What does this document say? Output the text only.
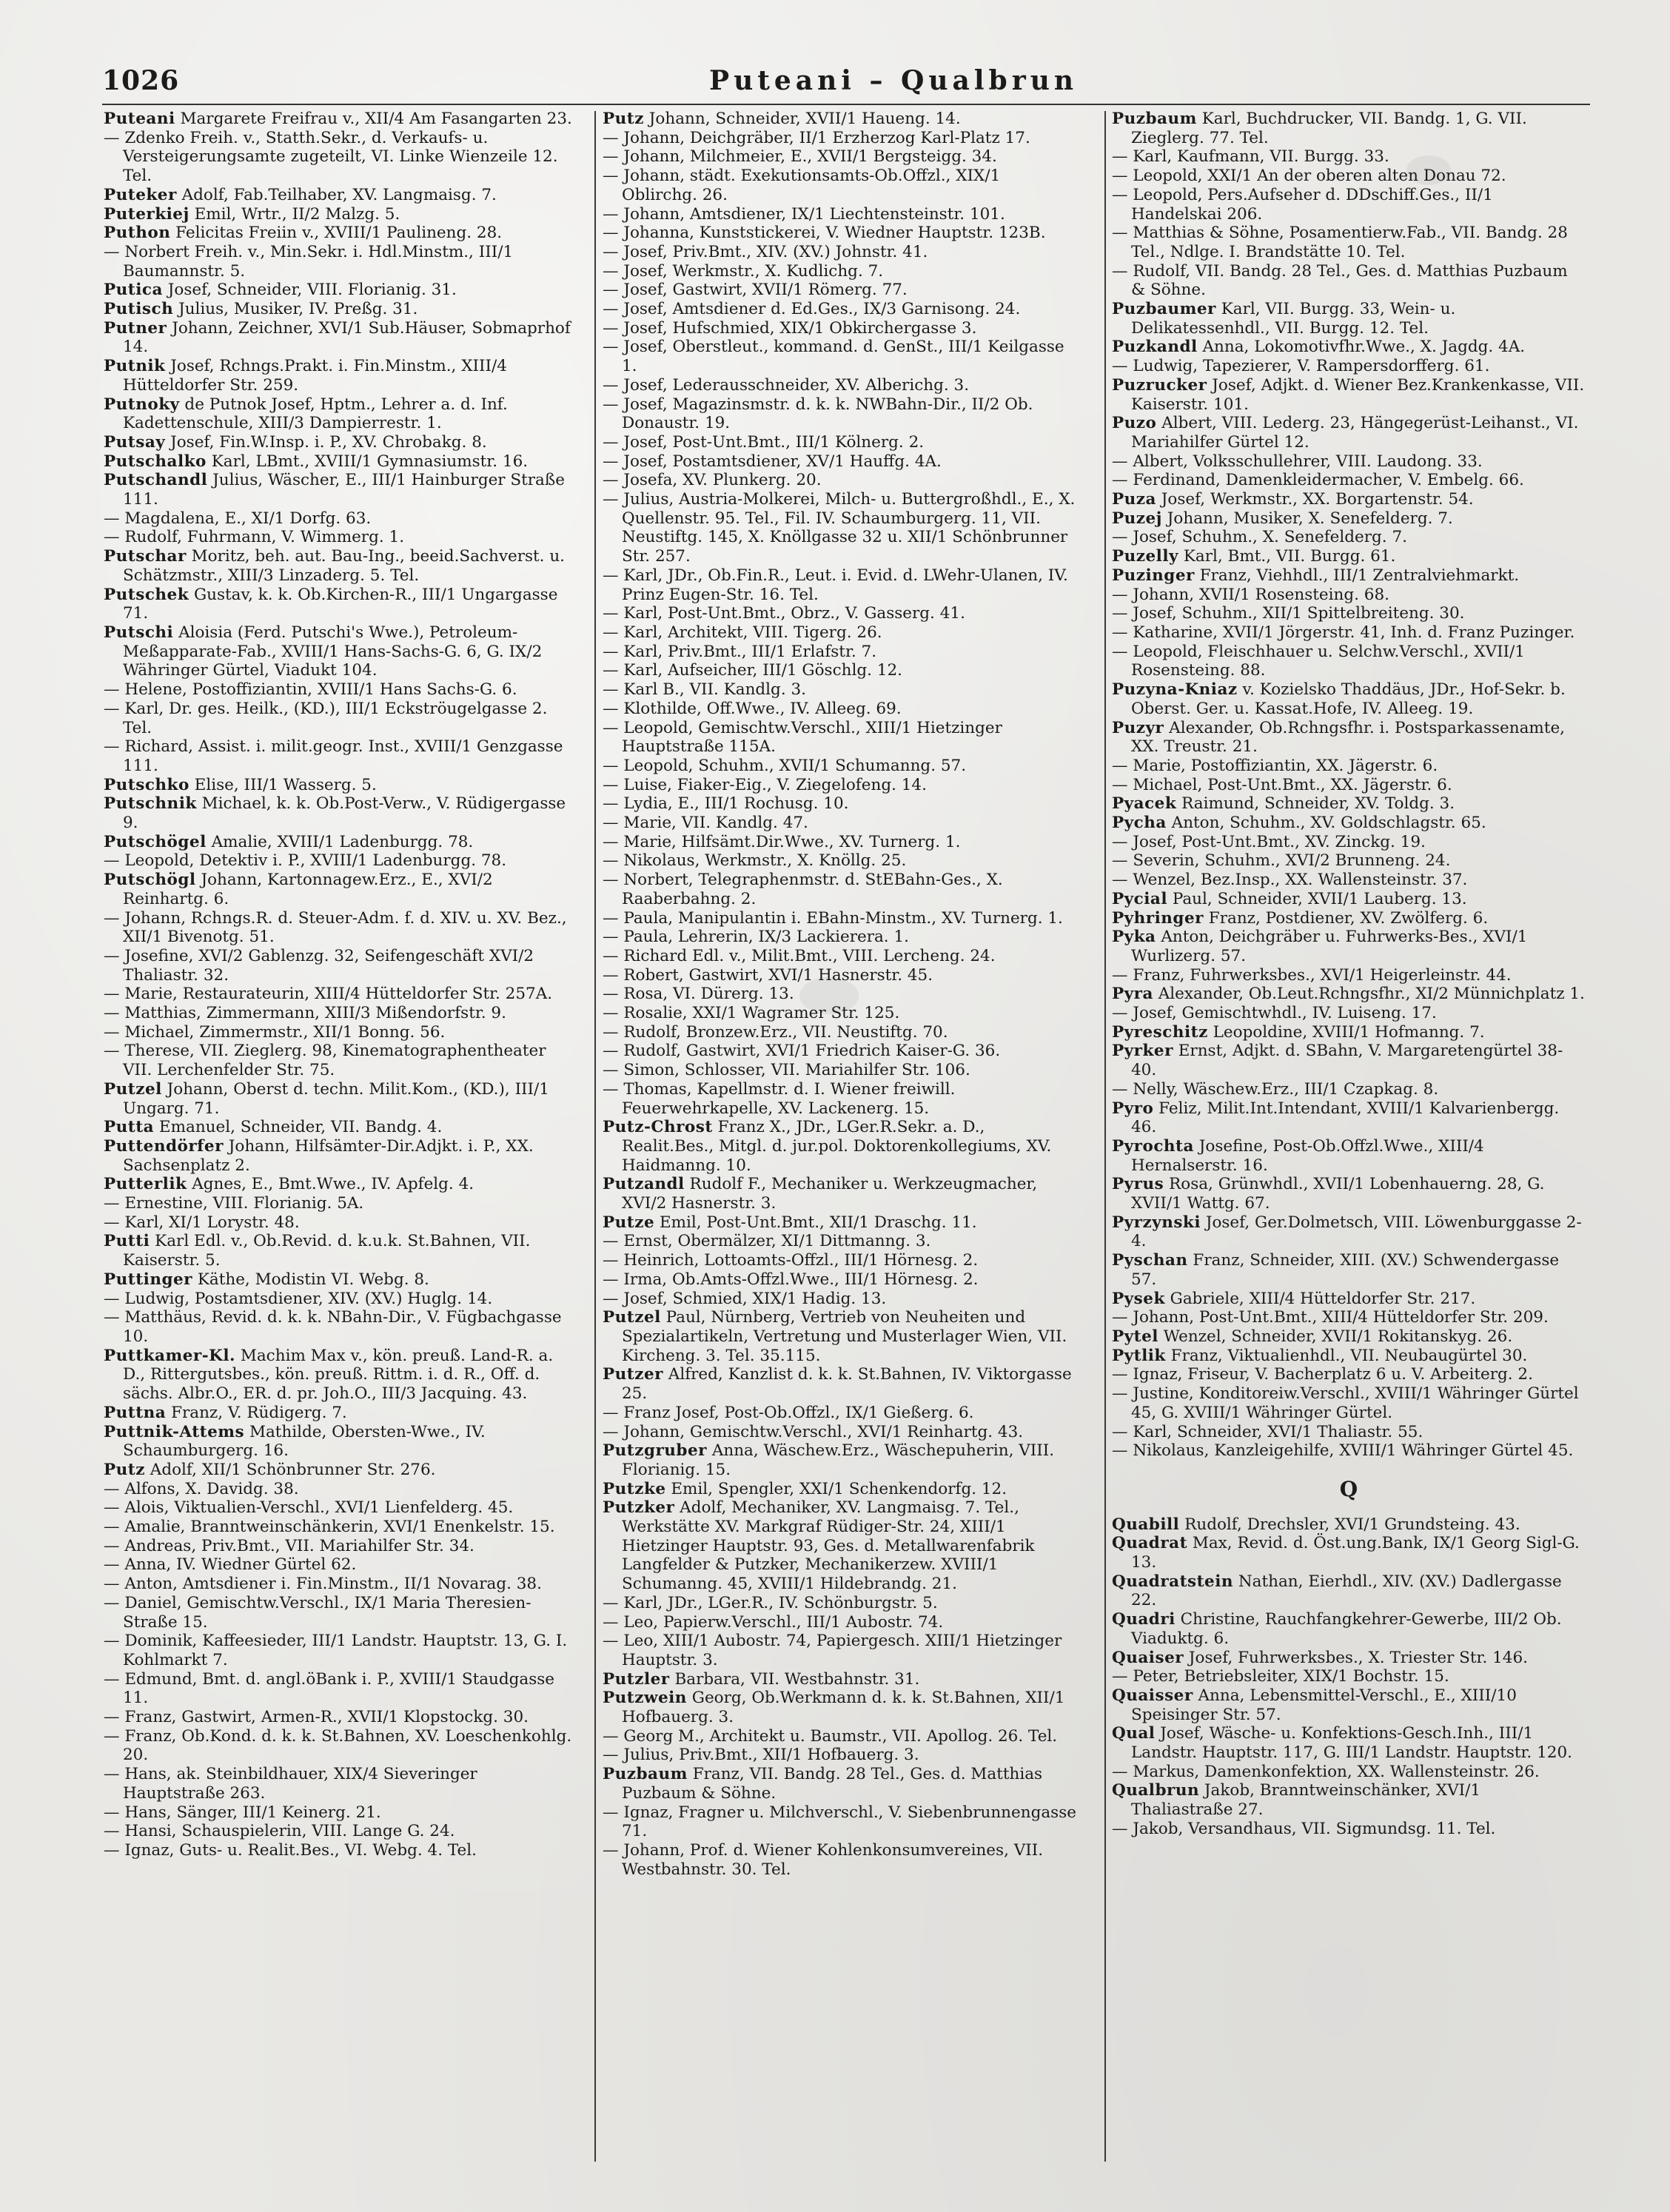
1026	Puteani – Qualbrun

Puteani Margarete Freifrau v., XII/4 Am Fasangarten 23.

— Zdenko Freih. v., Statth.Sekr., d. Verkaufs- u. Versteigerungsamte zugeteilt, VI. Linke Wienzeile 12. Tel.

Puteker Adolf, Fab.Teilhaber, XV. Langmaisg. 7.

Puterkiej Emil, Wrtr., II/2 Malzg. 5.

Puthon Felicitas Freiin v., XVIII/1 Paulineng. 28.

— Norbert Freih. v., Min.Sekr. i. Hdl.Minstm., III/1 Baumannstr. 5.

Putica Josef, Schneider, VIII. Florianig. 31.

Putisch Julius, Musiker, IV. Preßg. 31.

Putner Johann, Zeichner, XVI/1 Sub.Häuser, Sobmaprhof 14.

Putnik Josef, Rchngs.Prakt. i. Fin.Minstm., XIII/4 Hütteldorfer Str. 259.

Putnoky de Putnok Josef, Hptm., Lehrer a. d. Inf. Kadettenschule, XIII/3 Dampierrestr. 1.

Putsay Josef, Fin.W.Insp. i. P., XV. Chrobakg. 8.

Putschalko Karl, LBmt., XVIII/1 Gymnasiumstr. 16.

Putschandl Julius, Wäscher, E., III/1 Hainburger Straße 111.

— Magdalena, E., XI/1 Dorfg. 63.

— Rudolf, Fuhrmann, V. Wimmerg. 1.

Putschar Moritz, beh. aut. Bau-Ing., beeid.Sachverst. u. Schätzmstr., XIII/3 Linzaderg. 5. Tel.

Putschek Gustav, k. k. Ob.Kirchen-R., III/1 Ungargasse 71.

Putschi Aloisia (Ferd. Putschi's Wwe.), Petroleum-Meßapparate-Fab., XVIII/1 Hans-Sachs-G. 6, G. IX/2 Währinger Gürtel, Viadukt 104.

— Helene, Postoffiziantin, XVIII/1 Hans Sachs-G. 6.

— Karl, Dr. ges. Heilk., (KD.), III/1 Eckströugelgasse 2. Tel.

— Richard, Assist. i. milit.geogr. Inst., XVIII/1 Genzgasse 111.

Putschko Elise, III/1 Wasserg. 5.

Putschnik Michael, k. k. Ob.Post-Verw., V. Rüdigergasse 9.

Putschögel Amalie, XVIII/1 Ladenburgg. 78.

— Leopold, Detektiv i. P., XVIII/1 Ladenburgg. 78.

Putschögl Johann, Kartonnagew.Erz., E., XVI/2 Reinhartg. 6.

— Johann, Rchngs.R. d. Steuer-Adm. f. d. XIV. u. XV. Bez., XII/1 Bivenotg. 51.

— Josefine, XVI/2 Gablenzg. 32, Seifengeschäft XVI/2 Thaliastr. 32.

— Marie, Restaurateurin, XIII/4 Hütteldorfer Str. 257A.

— Matthias, Zimmermann, XIII/3 Mißendorfstr. 9.

— Michael, Zimmermstr., XII/1 Bonng. 56.

— Therese, VII. Zieglerg. 98, Kinematographentheater VII. Lerchenfelder Str. 75.

Putzel Johann, Oberst d. techn. Milit.Kom., (KD.), III/1 Ungarg. 71.

Putta Emanuel, Schneider, VII. Bandg. 4.

Puttendörfer Johann, Hilfsämter-Dir.Adjkt. i. P., XX. Sachsenplatz 2.

Putterlik Agnes, E., Bmt.Wwe., IV. Apfelg. 4.

— Ernestine, VIII. Florianig. 5A.

— Karl, XI/1 Lorystr. 48.

Putti Karl Edl. v., Ob.Revid. d. k.u.k. St.Bahnen, VII. Kaiserstr. 5.

Puttinger Käthe, Modistin VI. Webg. 8.

— Ludwig, Postamtsdiener, XIV. (XV.) Huglg. 14.

— Matthäus, Revid. d. k. k. NBahn-Dir., V. Fügbachgasse 10.

Puttkamer-Kl. Machim Max v., kön. preuß. Land-R. a. D., Rittergutsbes., kön. preuß. Rittm. i. d. R., Off. d. sächs. Albr.O., ER. d. pr. Joh.O., III/3 Jacquing. 43.

Puttna Franz, V. Rüdigerg. 7.

Puttnik-Attems Mathilde, Obersten-Wwe., IV. Schaumburgerg. 16.

Putz Adolf, XII/1 Schönbrunner Str. 276.

— Alfons, X. Davidg. 38.

— Alois, Viktualien-Verschl., XVI/1 Lienfelderg. 45.

— Amalie, Branntweinschänkerin, XVI/1 Enenkelstr. 15.

— Andreas, Priv.Bmt., VII. Mariahilfer Str. 34.

— Anna, IV. Wiedner Gürtel 62.

— Anton, Amtsdiener i. Fin.Minstm., II/1 Novarag. 38.

— Daniel, Gemischtw.Verschl., IX/1 Maria Theresien-Straße 15.

— Dominik, Kaffeesieder, III/1 Landstr. Hauptstr. 13, G. I. Kohlmarkt 7.

— Edmund, Bmt. d. angl.öBank i. P., XVIII/1 Staudgasse 11.

— Franz, Gastwirt, Armen-R., XVII/1 Klopstockg. 30.

— Franz, Ob.Kond. d. k. k. St.Bahnen, XV. Loeschenkohlg. 20.

— Hans, ak. Steinbildhauer, XIX/4 Sieveringer Hauptstraße 263.

— Hans, Sänger, III/1 Keinerg. 21.

— Hansi, Schauspielerin, VIII. Lange G. 24.

— Ignaz, Guts- u. Realit.Bes., VI. Webg. 4. Tel.

Putz Johann, Schneider, XVII/1 Haueng. 14.

— Johann, Deichgräber, II/1 Erzherzog Karl-Platz 17.

— Johann, Milchmeier, E., XVII/1 Bergsteigg. 34.

— Johann, städt. Exekutionsamts-Ob.Offzl., XIX/1 Oblirchg. 26.

— Johann, Amtsdiener, IX/1 Liechtensteinstr. 101.

— Johanna, Kunststickerei, V. Wiedner Hauptstr. 123B.

— Josef, Priv.Bmt., XIV. (XV.) Johnstr. 41.

— Josef, Werkmstr., X. Kudlichg. 7.

— Josef, Gastwirt, XVII/1 Römerg. 77.

— Josef, Amtsdiener d. Ed.Ges., IX/3 Garnisong. 24.

— Josef, Hufschmied, XIX/1 Obkirchergasse 3.

— Josef, Oberstleut., kommand. d. GenSt., III/1 Keilgasse 1.

— Josef, Lederausschneider, XV. Alberichg. 3.

— Josef, Magazinsmstr. d. k. k. NWBahn-Dir., II/2 Ob. Donaustr. 19.

— Josef, Post-Unt.Bmt., III/1 Kölnerg. 2.

— Josef, Postamtsdiener, XV/1 Hauffg. 4A.

— Josefa, XV. Plunkerg. 20.

— Julius, Austria-Molkerei, Milch- u. Buttergroßhdl., E., X. Quellenstr. 95. Tel., Fil. IV. Schaumburgerg. 11, VII. Neustiftg. 145, X. Knöllgasse 32 u. XII/1 Schönbrunner Str. 257.

— Karl, JDr., Ob.Fin.R., Leut. i. Evid. d. LWehr-Ulanen, IV. Prinz Eugen-Str. 16. Tel.

— Karl, Post-Unt.Bmt., Obrz., V. Gasserg. 41.

— Karl, Architekt, VIII. Tigerg. 26.

— Karl, Priv.Bmt., III/1 Erlafstr. 7.

— Karl, Aufseicher, III/1 Göschlg. 12.

— Karl B., VII. Kandlg. 3.

— Klothilde, Off.Wwe., IV. Alleeg. 69.

— Leopold, Gemischtw.Verschl., XIII/1 Hietzinger Hauptstraße 115A.

— Leopold, Schuhm., XVII/1 Schumanng. 57.

— Luise, Fiaker-Eig., V. Ziegelofeng. 14.

— Lydia, E., III/1 Rochusg. 10.

— Marie, VII. Kandlg. 47.

— Marie, Hilfsämt.Dir.Wwe., XV. Turnerg. 1.

— Nikolaus, Werkmstr., X. Knöllg. 25.

— Norbert, Telegraphenmstr. d. StEBahn-Ges., X. Raaberbahng. 2.

— Paula, Manipulantin i. EBahn-Minstm., XV. Turnerg. 1.

— Paula, Lehrerin, IX/3 Lackierera. 1.

— Richard Edl. v., Milit.Bmt., VIII. Lercheng. 24.

— Robert, Gastwirt, XVI/1 Hasnerstr. 45.

— Rosa, VI. Dürerg. 13.

— Rosalie, XXI/1 Wagramer Str. 125.

— Rudolf, Bronzew.Erz., VII. Neustiftg. 70.

— Rudolf, Gastwirt, XVI/1 Friedrich Kaiser-G. 36.

— Simon, Schlosser, VII. Mariahilfer Str. 106.

— Thomas, Kapellmstr. d. I. Wiener freiwill. Feuerwehrkapelle, XV. Lackenerg. 15.

Putz-Chrost Franz X., JDr., LGer.R.Sekr. a. D., Realit.Bes., Mitgl. d. jur.pol. Doktorenkollegiums, XV. Haidmanng. 10.

Putzandl Rudolf F., Mechaniker u. Werkzeugmacher, XVI/2 Hasnerstr. 3.

Putze Emil, Post-Unt.Bmt., XII/1 Draschg. 11.

— Ernst, Obermälzer, XI/1 Dittmanng. 3.

— Heinrich, Lottoamts-Offzl., III/1 Hörnesg. 2.

— Irma, Ob.Amts-Offzl.Wwe., III/1 Hörnesg. 2.

— Josef, Schmied, XIX/1 Hadig. 13.

Putzel Paul, Nürnberg, Vertrieb von Neuheiten und Spezialartikeln, Vertretung und Musterlager Wien, VII. Kircheng. 3. Tel. 35.115.

Putzer Alfred, Kanzlist d. k. k. St.Bahnen, IV. Viktorgasse 25.

— Franz Josef, Post-Ob.Offzl., IX/1 Gießerg. 6.

— Johann, Gemischtw.Verschl., XVI/1 Reinhartg. 43.

Putzgruber Anna, Wäschew.Erz., Wäschepuherin, VIII. Florianig. 15.

Putzke Emil, Spengler, XXI/1 Schenkendorfg. 12.

Putzker Adolf, Mechaniker, XV. Langmaisg. 7. Tel., Werkstätte XV. Markgraf Rüdiger-Str. 24, XIII/1 Hietzinger Hauptstr. 93, Ges. d. Metallwarenfabrik Langfelder & Putzker, Mechanikerzew. XVIII/1 Schumanng. 45, XVIII/1 Hildebrandg. 21.

— Karl, JDr., LGer.R., IV. Schönburgstr. 5.

— Leo, Papierw.Verschl., III/1 Aubostr. 74.

— Leo, XIII/1 Aubostr. 74, Papiergesch. XIII/1 Hietzinger Hauptstr. 3.

Putzler Barbara, VII. Westbahnstr. 31.

Putzwein Georg, Ob.Werkmann d. k. k. St.Bahnen, XII/1 Hofbauerg. 3.

— Georg M., Architekt u. Baumstr., VII. Apollog. 26. Tel.

— Julius, Priv.Bmt., XII/1 Hofbauerg. 3.

Puzbaum Franz, VII. Bandg. 28 Tel., Ges. d. Matthias Puzbaum & Söhne.

— Ignaz, Fragner u. Milchverschl., V. Siebenbrunnengasse 71.

— Johann, Prof. d. Wiener Kohlenkonsumvereines, VII. Westbahnstr. 30. Tel.

Puzbaum Karl, Buchdrucker, VII. Bandg. 1, G. VII. Zieglerg. 77. Tel.

— Karl, Kaufmann, VII. Burgg. 33.

— Leopold, XXI/1 An der oberen alten Donau 72.

— Leopold, Pers.Aufseher d. DDschiff.Ges., II/1 Handelskai 206.

— Matthias & Söhne, Posamentierw.Fab., VII. Bandg. 28 Tel., Ndlge. I. Brandstätte 10. Tel.

— Rudolf, VII. Bandg. 28 Tel., Ges. d. Matthias Puzbaum & Söhne.

Puzbaumer Karl, VII. Burgg. 33, Wein- u. Delikatessenhdl., VII. Burgg. 12. Tel.

Puzkandl Anna, Lokomotivfhr.Wwe., X. Jagdg. 4A.

— Ludwig, Tapezierer, V. Rampersdorfferg. 61.

Puzrucker Josef, Adjkt. d. Wiener Bez.Krankenkasse, VII. Kaiserstr. 101.

Puzo Albert, VIII. Lederg. 23, Hängegerüst-Leihanst., VI. Mariahilfer Gürtel 12.

— Albert, Volksschullehrer, VIII. Laudong. 33.

— Ferdinand, Damenkleidermacher, V. Embelg. 66.

Puza Josef, Werkmstr., XX. Borgartenstr. 54.

Puzej Johann, Musiker, X. Senefelderg. 7.

— Josef, Schuhm., X. Senefelderg. 7.

Puzelly Karl, Bmt., VII. Burgg. 61.

Puzinger Franz, Viehhdl., III/1 Zentralviehmarkt.

— Johann, XVII/1 Rosensteing. 68.

— Josef, Schuhm., XII/1 Spittelbreiteng. 30.

— Katharine, XVII/1 Jörgerstr. 41, Inh. d. Franz Puzinger.

— Leopold, Fleischhauer u. Selchw.Verschl., XVII/1 Rosensteing. 88.

Puzyna-Kniaz v. Kozielsko Thaddäus, JDr., Hof-Sekr. b. Oberst. Ger. u. Kassat.Hofe, IV. Alleeg. 19.

Puzyr Alexander, Ob.Rchngsfhr. i. Postsparkassenamte, XX. Treustr. 21.

— Marie, Postoffiziantin, XX. Jägerstr. 6.

— Michael, Post-Unt.Bmt., XX. Jägerstr. 6.

Pyacek Raimund, Schneider, XV. Toldg. 3.

Pycha Anton, Schuhm., XV. Goldschlagstr. 65.

— Josef, Post-Unt.Bmt., XV. Zinckg. 19.

— Severin, Schuhm., XVI/2 Brunneng. 24.

— Wenzel, Bez.Insp., XX. Wallensteinstr. 37.

Pycial Paul, Schneider, XVII/1 Lauberg. 13.

Pyhringer Franz, Postdiener, XV. Zwölferg. 6.

Pyka Anton, Deichgräber u. Fuhrwerks-Bes., XVI/1 Wurlizerg. 57.

— Franz, Fuhrwerksbes., XVI/1 Heigerleinstr. 44.

Pyra Alexander, Ob.Leut.Rchngsfhr., XI/2 Münnichplatz 1.

— Josef, Gemischtwhdl., IV. Luiseng. 17.

Pyreschitz Leopoldine, XVIII/1 Hofmanng. 7.

Pyrker Ernst, Adjkt. d. SBahn, V. Margaretengürtel 38-40.

— Nelly, Wäschew.Erz., III/1 Czapkag. 8.

Pyro Feliz, Milit.Int.Intendant, XVIII/1 Kalvarienbergg. 46.

Pyrochta Josefine, Post-Ob.Offzl.Wwe., XIII/4 Hernalserstr. 16.

Pyrus Rosa, Grünwhdl., XVII/1 Lobenhauerng. 28, G. XVII/1 Wattg. 67.

Pyrzynski Josef, Ger.Dolmetsch, VIII. Löwenburggasse 2-4.

Pyschan Franz, Schneider, XIII. (XV.) Schwendergasse 57.

Pysek Gabriele, XIII/4 Hütteldorfer Str. 217.

— Johann, Post-Unt.Bmt., XIII/4 Hütteldorfer Str. 209.

Pytel Wenzel, Schneider, XVII/1 Rokitanskyg. 26.

Pytlik Franz, Viktualienhdl., VII. Neubaugürtel 30.

— Ignaz, Friseur, V. Bacherplatz 6 u. V. Arbeiterg. 2.

— Justine, Konditoreiw.Verschl., XVIII/1 Währinger Gürtel 45, G. XVIII/1 Währinger Gürtel.

— Karl, Schneider, XVI/1 Thaliastr. 55.

— Nikolaus, Kanzleigehilfe, XVIII/1 Währinger Gürtel 45.

Q

Quabill Rudolf, Drechsler, XVI/1 Grundsteing. 43.

Quadrat Max, Revid. d. Öst.ung.Bank, IX/1 Georg Sigl-G. 13.

Quadratstein Nathan, Eierhdl., XIV. (XV.) Dadlergasse 22.

Quadri Christine, Rauchfangkehrer-Gewerbe, III/2 Ob. Viaduktg. 6.

Quaiser Josef, Fuhrwerksbes., X. Triester Str. 146.

— Peter, Betriebsleiter, XIX/1 Bochstr. 15.

Quaisser Anna, Lebensmittel-Verschl., E., XIII/10 Speisinger Str. 57.

Qual Josef, Wäsche- u. Konfektions-Gesch.Inh., III/1 Landstr. Hauptstr. 117, G. III/1 Landstr. Hauptstr. 120.

— Markus, Damenkonfektion, XX. Wallensteinstr. 26.

Qualbrun Jakob, Branntweinschänker, XVI/1 Thaliastraße 27.

— Jakob, Versandhaus, VII. Sigmundsg. 11. Tel.
